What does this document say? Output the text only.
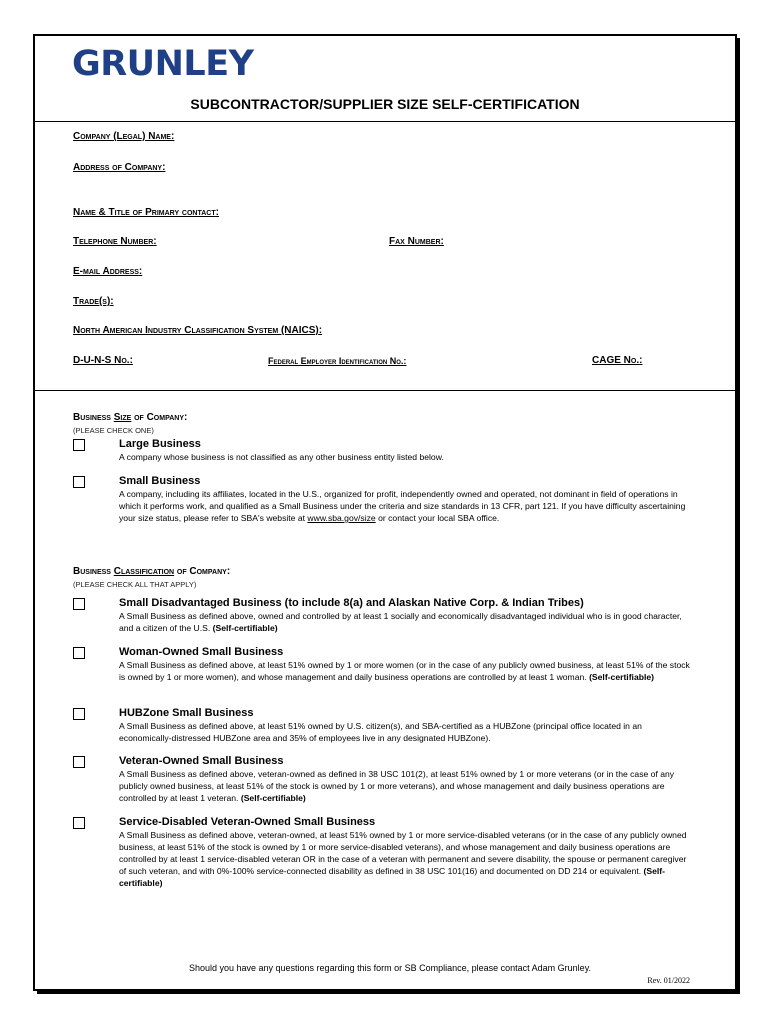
GRUNLEY
SUBCONTRACTOR/SUPPLIER SIZE SELF-CERTIFICATION
Company (Legal) Name:
Address of Company:
Name & Title of Primary contact:
Telephone Number:	Fax Number:
E-mail Address:
Trade(s):
North American Industry Classification System (NAICS):
D-U-N-S No.:	Federal Employer Identification No.:	CAGE No.:
Business Size of Company:
(PLEASE CHECK ONE)
Large Business
A company whose business is not classified as any other business entity listed below.
Small Business
A company, including its affiliates, located in the U.S., organized for profit, independently owned and operated, not dominant in field of operations in which it performs work, and qualified as a Small Business under the criteria and size standards in 13 CFR, part 121. If you have difficulty ascertaining your size status, please refer to SBA's website at www.sba.gov/size or contact your local SBA office.
Business Classification of Company:
(PLEASE CHECK ALL THAT APPLY)
Small Disadvantaged Business (to include 8(a) and Alaskan Native Corp. & Indian Tribes)
A Small Business as defined above, owned and controlled by at least 1 socially and economically disadvantaged individual who is in good character, and a citizen of the U.S. (Self-certifiable)
Woman-Owned Small Business
A Small Business as defined above, at least 51% owned by 1 or more women (or in the case of any publicly owned business, at least 51% of the stock is owned by 1 or more women), and whose management and daily business operations are controlled by at least 1 woman. (Self-certifiable)
HUBZone Small Business
A Small Business as defined above, at least 51% owned by U.S. citizen(s), and SBA-certified as a HUBZone (principal office located in an economically-distressed HUBZone area and 35% of employees live in any designated HUBZone).
Veteran-Owned Small Business
A Small Business as defined above, veteran-owned as defined in 38 USC 101(2), at least 51% owned by 1 or more veterans (or in the case of any publicly owned business, at least 51% of the stock is owned by 1 or more veterans), and whose management and daily business operations are controlled by at least 1 veteran. (Self-certifiable)
Service-Disabled Veteran-Owned Small Business
A Small Business as defined above, veteran-owned, at least 51% owned by 1 or more service-disabled veterans (or in the case of any publicly owned business, at least 51% of the stock is owned by 1 or more service-disabled veterans), and whose management and daily business operations are controlled by at least 1 service-disabled veteran OR in the case of a veteran with permanent and severe disability, the spouse or permanent caregiver of such veteran, and with 0%-100% service-connected disability as defined in 38 USC 101(16) and documented on DD 214 or equivalent. (Self-certifiable)
Should you have any questions regarding this form or SB Compliance, please contact Adam Grunley.
Rev. 01/2022
